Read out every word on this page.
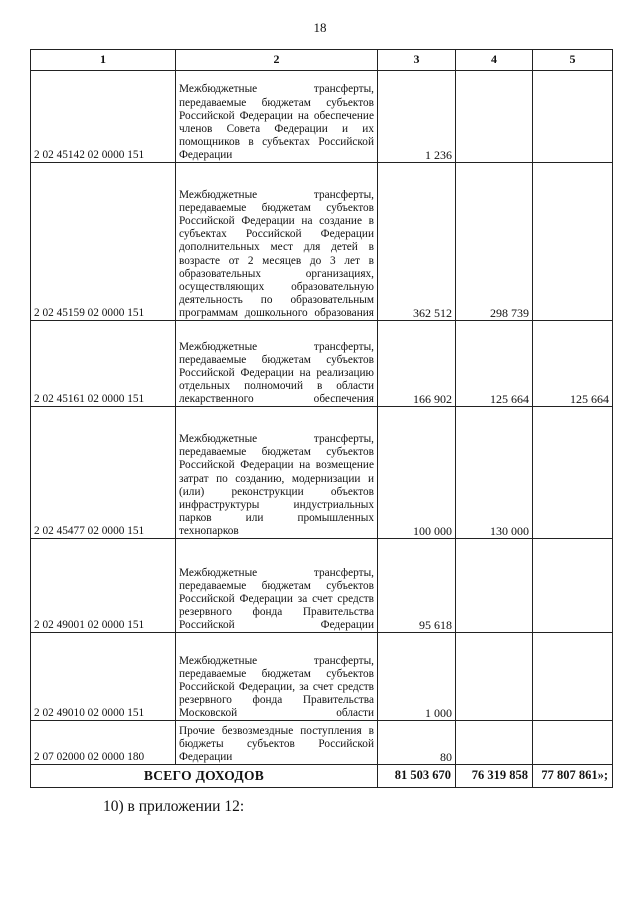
18
1	2	3	4	5
2 02 45142 02 0000 151	Межбюджетные трансферты, передаваемые бюджетам субъектов Российской Федерации на обеспечение членов Совета Федерации и их помощников в субъектах Российской Федерации	1 236		
2 02 45159 02 0000 151	Межбюджетные трансферты, передаваемые бюджетам субъектов Российской Федерации на создание в субъектах Российской Федерации дополнительных мест для детей в возрасте от 2 месяцев до 3 лет в образовательных организациях, осуществляющих образовательную деятельность по образовательным программам дошкольного образования	362 512	298 739	
2 02 45161 02 0000 151	Межбюджетные трансферты, передаваемые бюджетам субъектов Российской Федерации на реализацию отдельных полномочий в области лекарственного обеспечения	166 902	125 664	125 664
2 02 45477 02 0000 151	Межбюджетные трансферты, передаваемые бюджетам субъектов Российской Федерации на возмещение затрат по созданию, модернизации и (или) реконструкции объектов инфраструктуры индустриальных парков или промышленных технопарков	100 000	130 000	
2 02 49001 02 0000 151	Межбюджетные трансферты, передаваемые бюджетам субъектов Российской Федерации за счет средств резервного фонда Правительства Российской Федерации	95 618		
2 02 49010 02 0000 151	Межбюджетные трансферты, передаваемые бюджетам субъектов Российской Федерации, за счет средств резервного фонда Правительства Московской области	1 000		
2 07 02000 02 0000 180	Прочие безвозмездные поступления в бюджеты субъектов Российской Федерации	80		
ВСЕГО ДОХОДОВ		81 503 670	76 319 858	77 807 861»;
10) в приложении 12:
